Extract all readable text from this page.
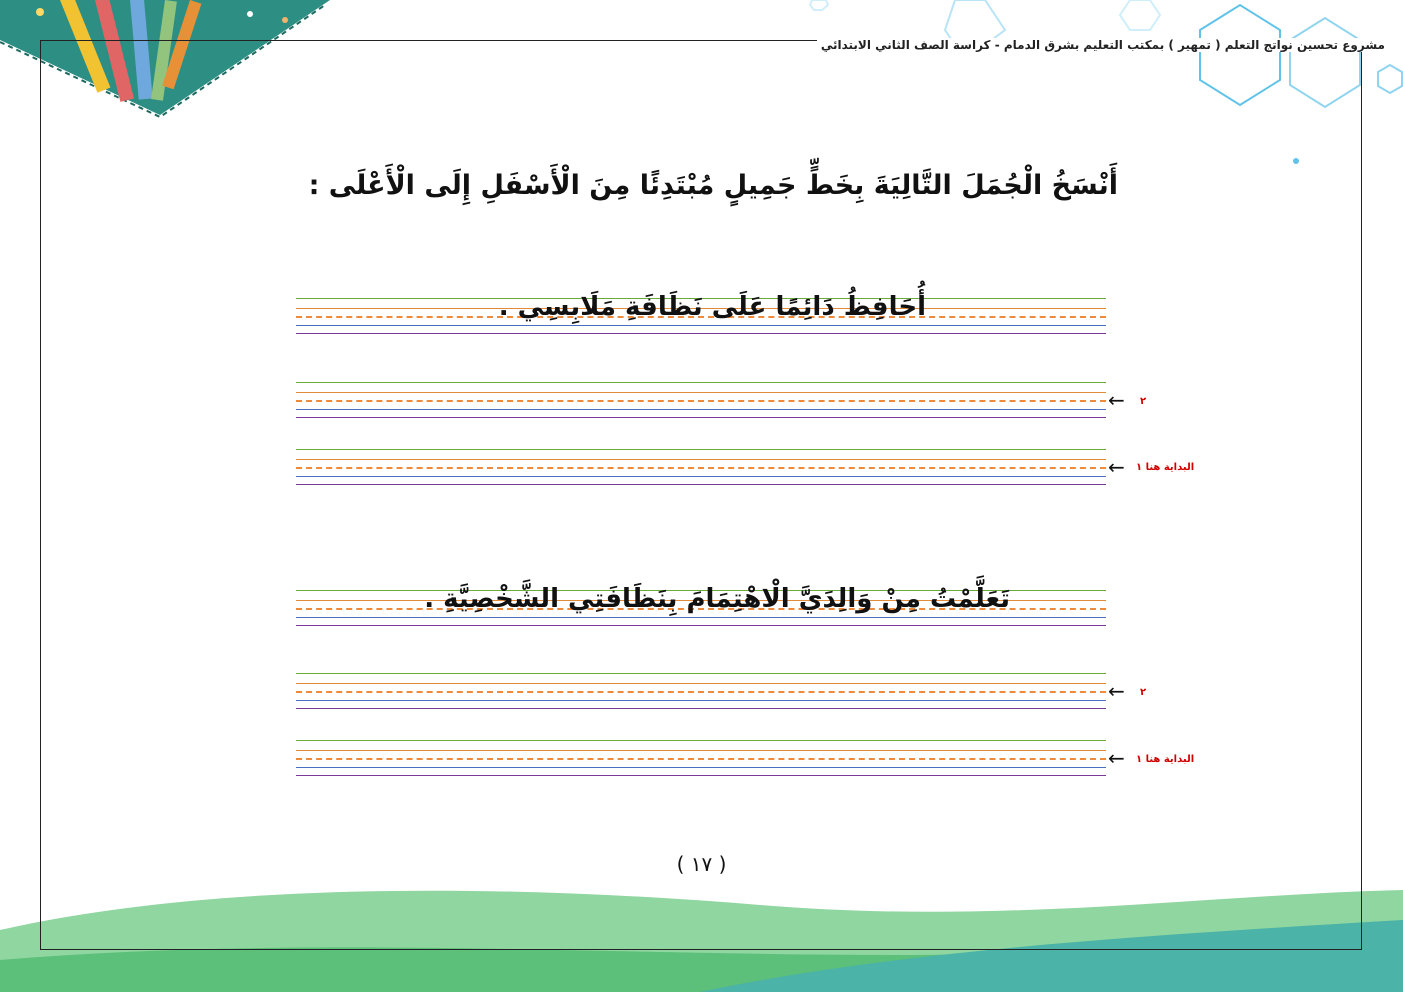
مشروع تحسين نواتج التعلم ( تمهير ) بمكتب التعليم بشرق الدمام - كراسة الصف الثاني الابتدائي
أَنْسَخُ الْجُمَلَ التَّالِيَةَ بِخَطٍّ جَمِيلٍ مُبْتَدِئًا مِنَ الْأَسْفَلِ إِلَى الْأَعْلَى :
أُحَافِظُ دَائِمًا عَلَى نَظَافَةِ مَلَابِسِي .
← ٢
← البداية هنا ١
تَعَلَّمْتُ مِنْ وَالِدَيَّ الْاهْتِمَامَ بِنَظَافَتِي الشَّخْصِيَّةِ .
← ٢
← البداية هنا ١
( ١٧ )
